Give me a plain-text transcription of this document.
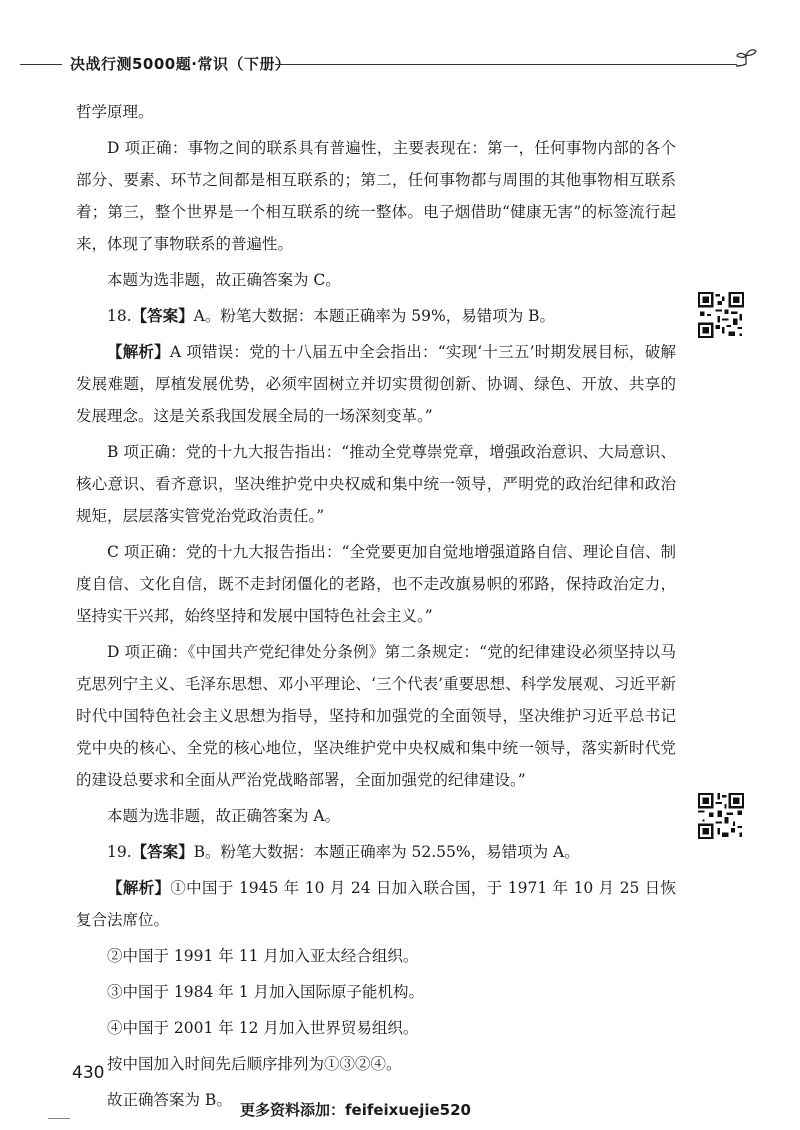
决战行测5000题·常识（下册）

哲学原理。

D 项正确：事物之间的联系具有普遍性，主要表现在：第一，任何事物内部的各个部分、要素、环节之间都是相互联系的；第二，任何事物都与周围的其他事物相互联系着；第三，整个世界是一个相互联系的统一整体。电子烟借助“健康无害”的标签流行起来，体现了事物联系的普遍性。

本题为选非题，故正确答案为 C。

18.【答案】A。粉笔大数据：本题正确率为 59%，易错项为 B。

【解析】A 项错误：党的十八届五中全会指出：“实现‘十三五’时期发展目标，破解发展难题，厚植发展优势，必须牢固树立并切实贯彻创新、协调、绿色、开放、共享的发展理念。这是关系我国发展全局的一场深刻变革。”

B 项正确：党的十九大报告指出：“推动全党尊崇党章，增强政治意识、大局意识、核心意识、看齐意识，坚决维护党中央权威和集中统一领导，严明党的政治纪律和政治规矩，层层落实管党治党政治责任。”

C 项正确：党的十九大报告指出：“全党要更加自觉地增强道路自信、理论自信、制度自信、文化自信，既不走封闭僵化的老路，也不走改旗易帜的邪路，保持政治定力，坚持实干兴邦，始终坚持和发展中国特色社会主义。”

D 项正确：《中国共产党纪律处分条例》第二条规定：“党的纪律建设必须坚持以马克思列宁主义、毛泽东思想、邓小平理论、‘三个代表’重要思想、科学发展观、习近平新时代中国特色社会主义思想为指导，坚持和加强党的全面领导，坚决维护习近平总书记党中央的核心、全党的核心地位，坚决维护党中央权威和集中统一领导，落实新时代党的建设总要求和全面从严治党战略部署，全面加强党的纪律建设。”

本题为选非题，故正确答案为 A。

19.【答案】B。粉笔大数据：本题正确率为 52.55%，易错项为 A。

【解析】①中国于 1945 年 10 月 24 日加入联合国，于 1971 年 10 月 25 日恢复合法席位。

②中国于 1991 年 11 月加入亚太经合组织。

③中国于 1984 年 1 月加入国际原子能机构。

④中国于 2001 年 12 月加入世界贸易组织。

按中国加入时间先后顺序排列为①③②④。

故正确答案为 B。

430
更多资料添加：feifeixuejie520
